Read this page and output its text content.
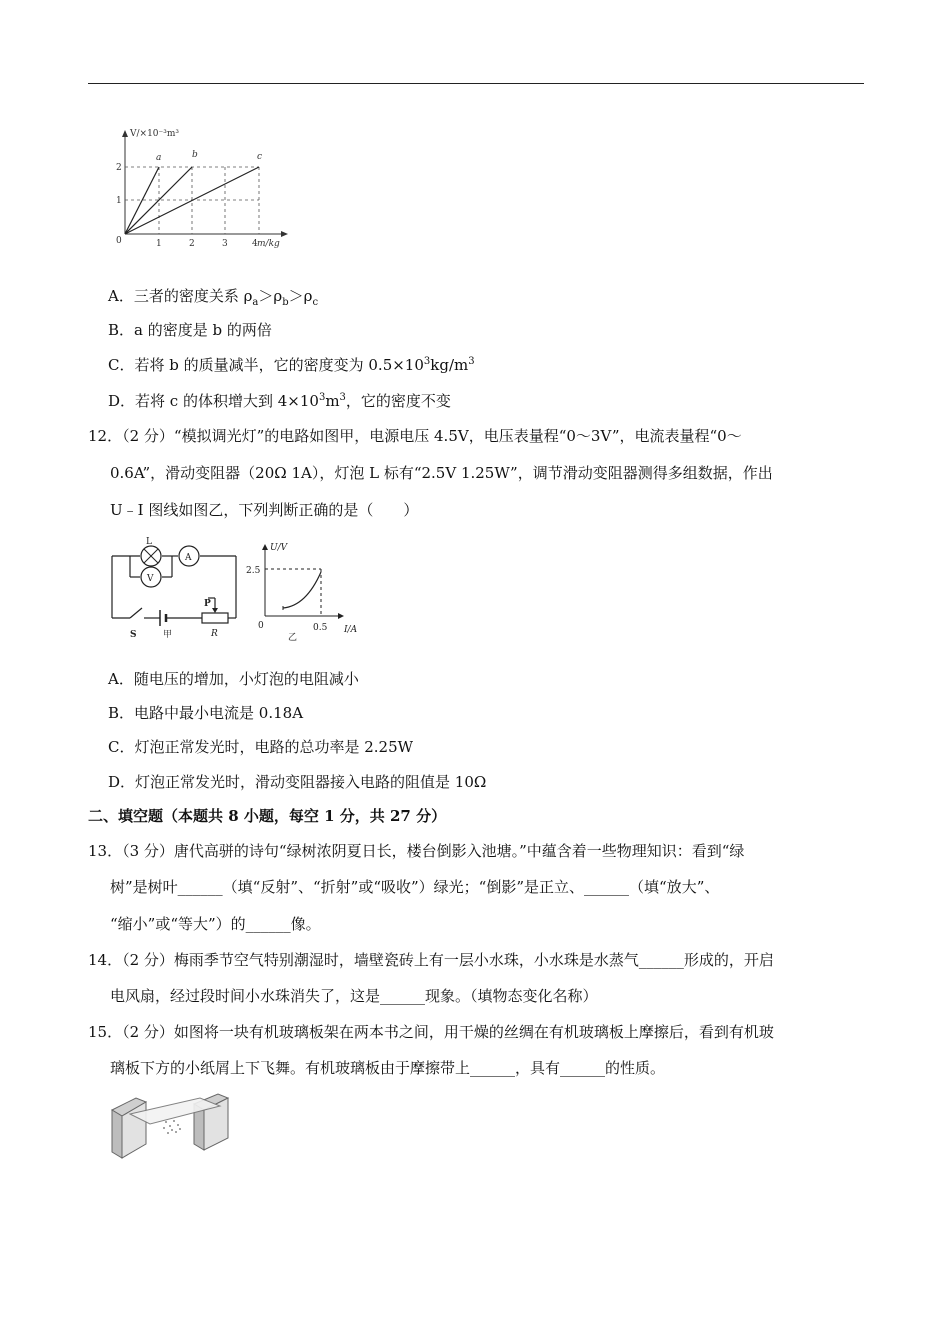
V/×10⁻³m³
m/kg
0	1	2	3	4
1
2
a	b	c
A．三者的密度关系 $\rho_a>\rho_b>\rho_c$
B．a 的密度是 b 的两倍
C．若将 b 的质量减半，它的密度变为 $0.5\times 10^3kg/m^3$
D．若将 c 的体积增大到 $4\times 10^3m^3$，它的密度不变
12．（2 分）“模拟调光灯”的电路如图甲，电源电压 4.5V，电压表量程“0～3V”，电流表量程“0～
0.6A”，滑动变阻器（20Ω 1A），灯泡 L 标有“2.5V 1.25W”，调节滑动变阻器测得多组数据，作出
U﹣I 图线如图乙，下列判断正确的是（　　）
L
A
V
S	甲
P
R
U/V
2.5
0	0.5 I/A
乙
A．随电压的增加，小灯泡的电阻减小
B．电路中最小电流是 0.18A
C．灯泡正常发光时，电路的总功率是 2.25W
D．灯泡正常发光时，滑动变阻器接入电路的阻值是 10Ω
二、填空题（本题共 8 小题，每空 1 分，共 27 分）
13．（3 分）唐代高骈的诗句“绿树浓阴夏日长，楼台倒影入池塘。”中蕴含着一些物理知识：看到“绿
树”是树叶______（填“反射”、“折射”或“吸收”）绿光；“倒影”是正立、______（填“放大”、
“缩小”或“等大”）的______像。
14．（2 分）梅雨季节空气特别潮湿时，墙壁瓷砖上有一层小水珠，小水珠是水蒸气______形成的，开启
电风扇，经过段时间小水珠消失了，这是______现象。（填物态变化名称）
15．（2 分）如图将一块有机玻璃板架在两本书之间，用干燥的丝绸在有机玻璃板上摩擦后，看到有机玻
璃板下方的小纸屑上下飞舞。有机玻璃板由于摩擦带上______，具有______的性质。
